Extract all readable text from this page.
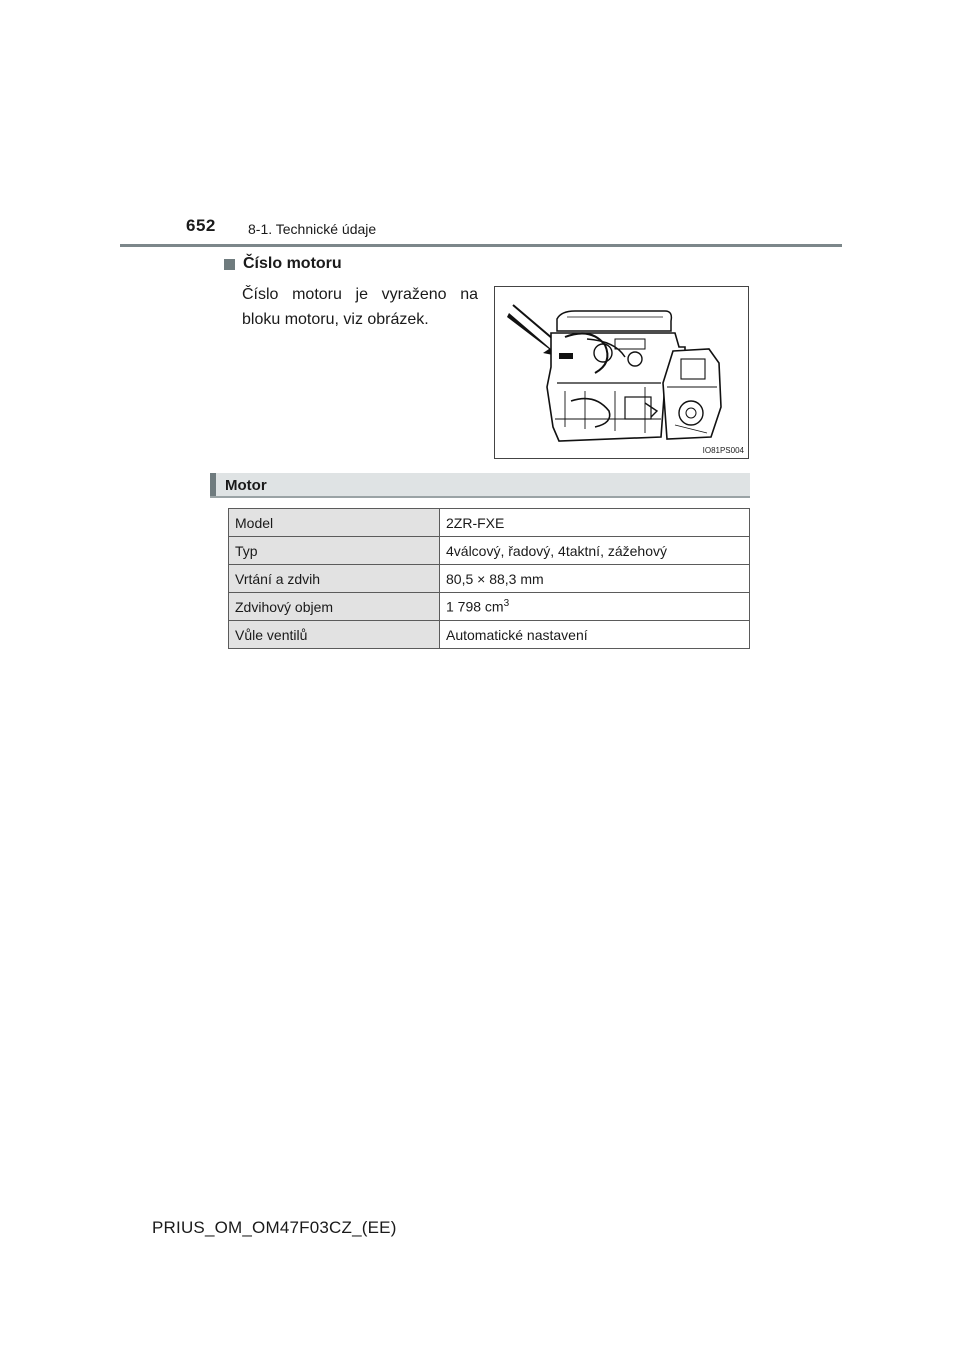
652 8-1. Technické údaje
Číslo motoru
Číslo motoru je vyraženo na bloku motoru, viz obrázek.
IO81PS004
Motor
Model	2ZR-FXE
Typ	4válcový, řadový, 4taktní, zážehový
Vrtání a zdvih	80,5 × 88,3 mm
Zdvihový objem	1 798 $cm^3$
Vůle ventilů	Automatické nastavení
PRIUS_OM_OM47F03CZ_(EE)
